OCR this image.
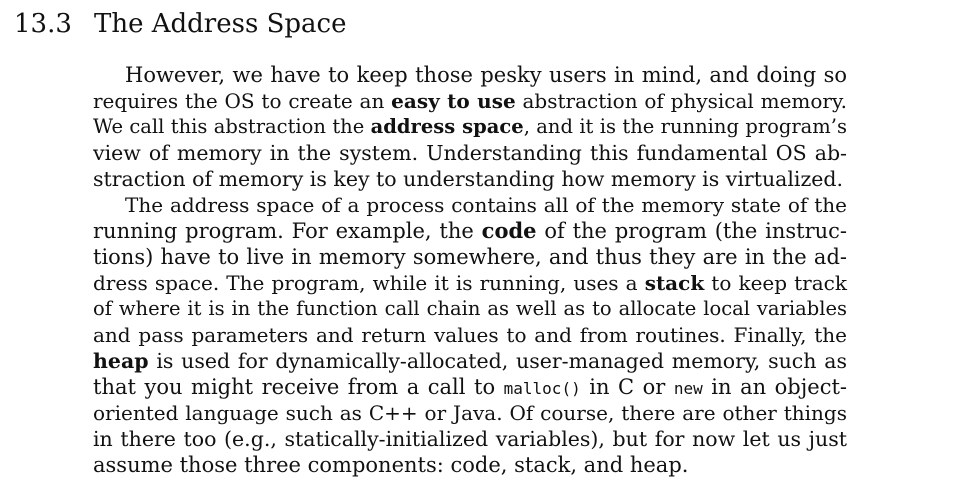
13.3 The Address Space
However, we have to keep those pesky users in mind, and doing so
requires the OS to create an easy to use abstraction of physical memory.
We call this abstraction the address space, and it is the running program’s
view of memory in the system. Understanding this fundamental OS ab-
straction of memory is key to understanding how memory is virtualized.
The address space of a process contains all of the memory state of the
running program. For example, the code of the program (the instruc-
tions) have to live in memory somewhere, and thus they are in the ad-
dress space. The program, while it is running, uses a stack to keep track
of where it is in the function call chain as well as to allocate local variables
and pass parameters and return values to and from routines. Finally, the
heap is used for dynamically-allocated, user-managed memory, such as
that you might receive from a call to malloc() in C or new in an object-
oriented language such as C++ or Java. Of course, there are other things
in there too (e.g., statically-initialized variables), but for now let us just
assume those three components: code, stack, and heap.
